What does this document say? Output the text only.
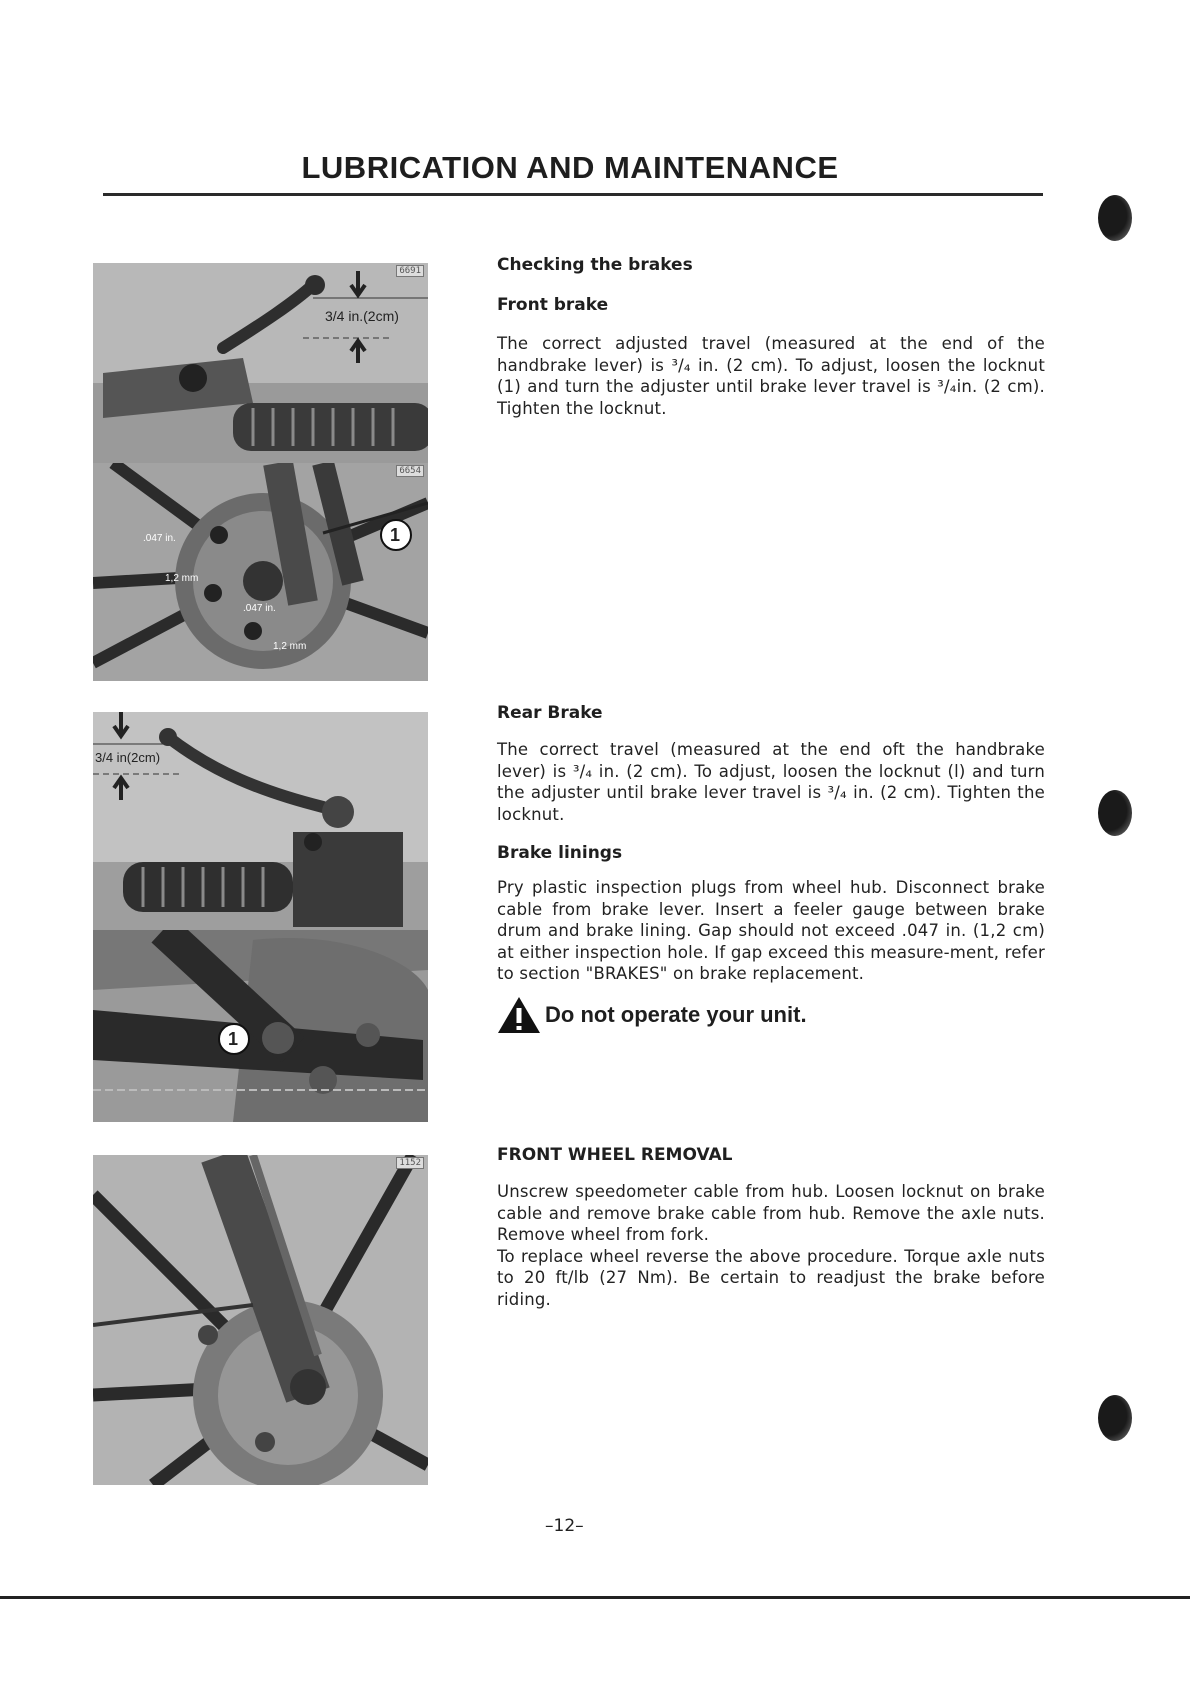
LUBRICATION AND MAINTENANCE
6691
3/4 in.(2cm)
6654
1
.047 in.
1,2 mm
.047 in.
1,2 mm
3/4 in(2cm)
1
1152

Checking the brakes

Front brake

The correct adjusted travel (measured at the end of the handbrake lever) is ³/₄ in. (2 cm). To adjust, loosen the locknut (1) and turn the adjuster until brake lever travel is ³/₄in. (2 cm). Tighten the locknut.

Rear Brake

The correct travel (measured at the end oft the handbrake lever) is ³/₄ in. (2 cm). To adjust, loosen the locknut (l) and turn the adjuster until brake lever travel is ³/₄ in. (2 cm). Tighten the locknut.

Brake linings

Pry plastic inspection plugs from wheel hub. Disconnect brake cable from brake lever. Insert a feeler gauge between brake drum and brake lining. Gap should not exceed .047 in. (1,2 cm) at either inspection hole. If gap exceed this measure-ment, refer to section "BRAKES" on brake replacement.

Do not operate your unit.

FRONT WHEEL REMOVAL

Unscrew speedometer cable from hub. Loosen locknut on brake cable and remove brake cable from hub. Remove the axle nuts. Remove wheel from fork.

To replace wheel reverse the above procedure. Torque axle nuts to 20 ft/lb (27 Nm). Be certain to readjust the brake before riding.

–12–
